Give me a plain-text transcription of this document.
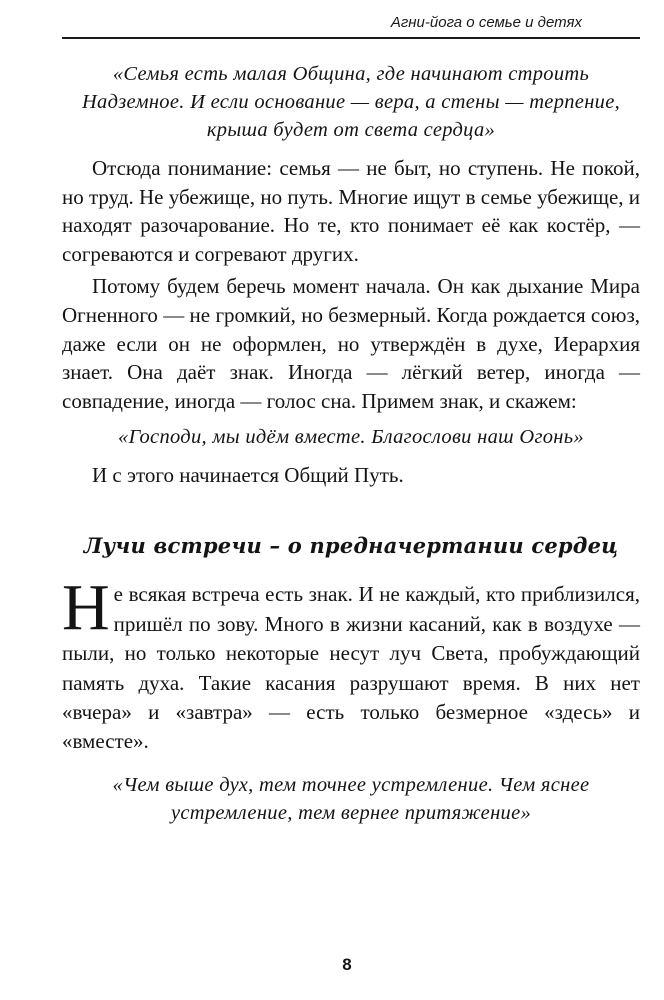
Агни-йога о семье и детях

«Семья есть малая Община, где начинают строить Надземное. И если основание — вера, а стены — терпение, крыша будет от света сердца»

Отсюда понимание: семья — не быт, но ступень. Не покой, но труд. Не убежище, но путь. Многие ищут в семье убежище, и находят разочарование. Но те, кто понимает её как костёр, — согреваются и согревают других.

Потому будем беречь момент начала. Он как дыхание Мира Огненного — не громкий, но безмерный. Когда рождается союз, даже если он не оформлен, но утверждён в духе, Иерархия знает. Она даёт знак. Иногда — лёгкий ветер, иногда — совпадение, иногда — голос сна. Примем знак, и скажем:

«Господи, мы идём вместе. Благослови наш Огонь»

И с этого начинается Общий Путь.

Лучи встречи – о предначертании сердец

Не всякая встреча есть знак. И не каждый, кто приблизился, пришёл по зову. Много в жизни касаний, как в воздухе — пыли, но только некоторые несут луч Света, пробуждающий память духа. Такие касания разрушают время. В них нет «вчера» и «завтра» — есть только безмерное «здесь» и «вместе».

«Чем выше дух, тем точнее устремление. Чем яснее устремление, тем вернее притяжение»

8
